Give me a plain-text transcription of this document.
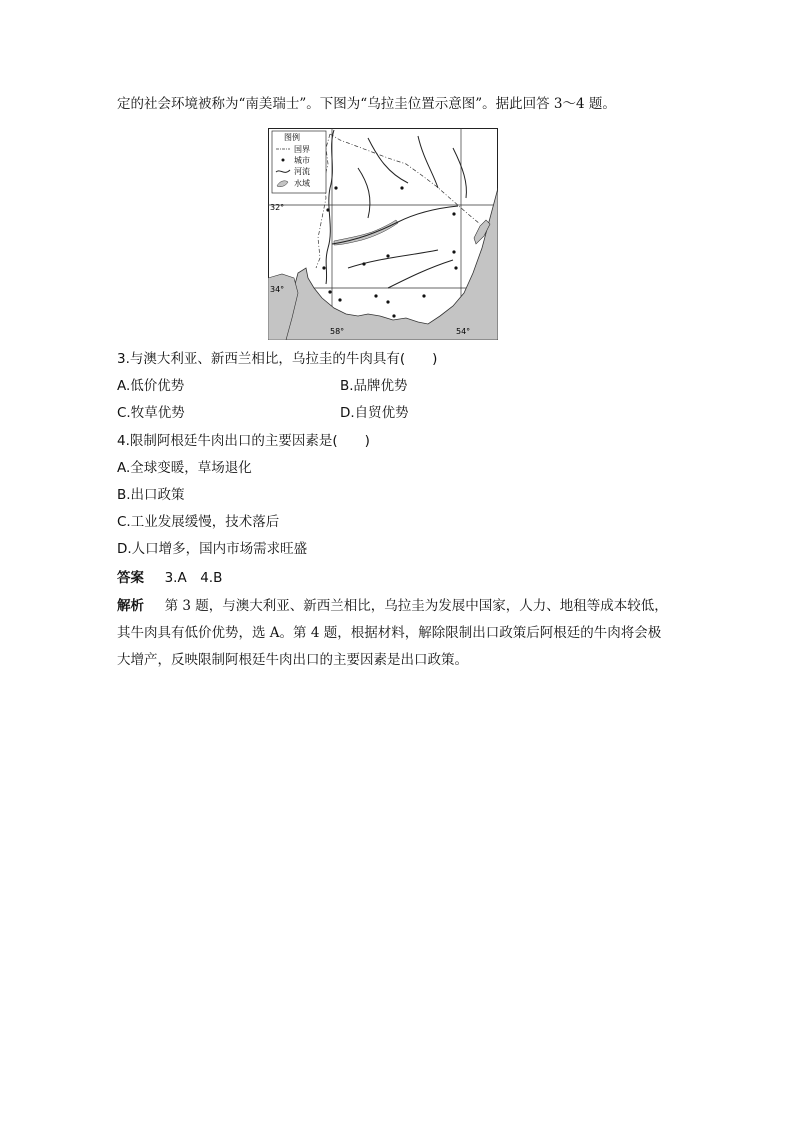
定的社会环境被称为“南美瑞士”。下图为“乌拉圭位置示意图”。据此回答 3～4 题。
图例
国界
城市
河流
水域
32°
34°
58°	54°
3.与澳大利亚、新西兰相比，乌拉圭的牛肉具有(　　)
A.低价优势	B.品牌优势
C.牧草优势	D.自贸优势
4.限制阿根廷牛肉出口的主要因素是(　　)
A.全球变暖，草场退化
B.出口政策
C.工业发展缓慢，技术落后
D.人口增多，国内市场需求旺盛
答案 3.A　4.B
解析 第 3 题，与澳大利亚、新西兰相比，乌拉圭为发展中国家，人力、地租等成本较低，
其牛肉具有低价优势，选 A。第 4 题，根据材料，解除限制出口政策后阿根廷的牛肉将会极
大增产，反映限制阿根廷牛肉出口的主要因素是出口政策。
